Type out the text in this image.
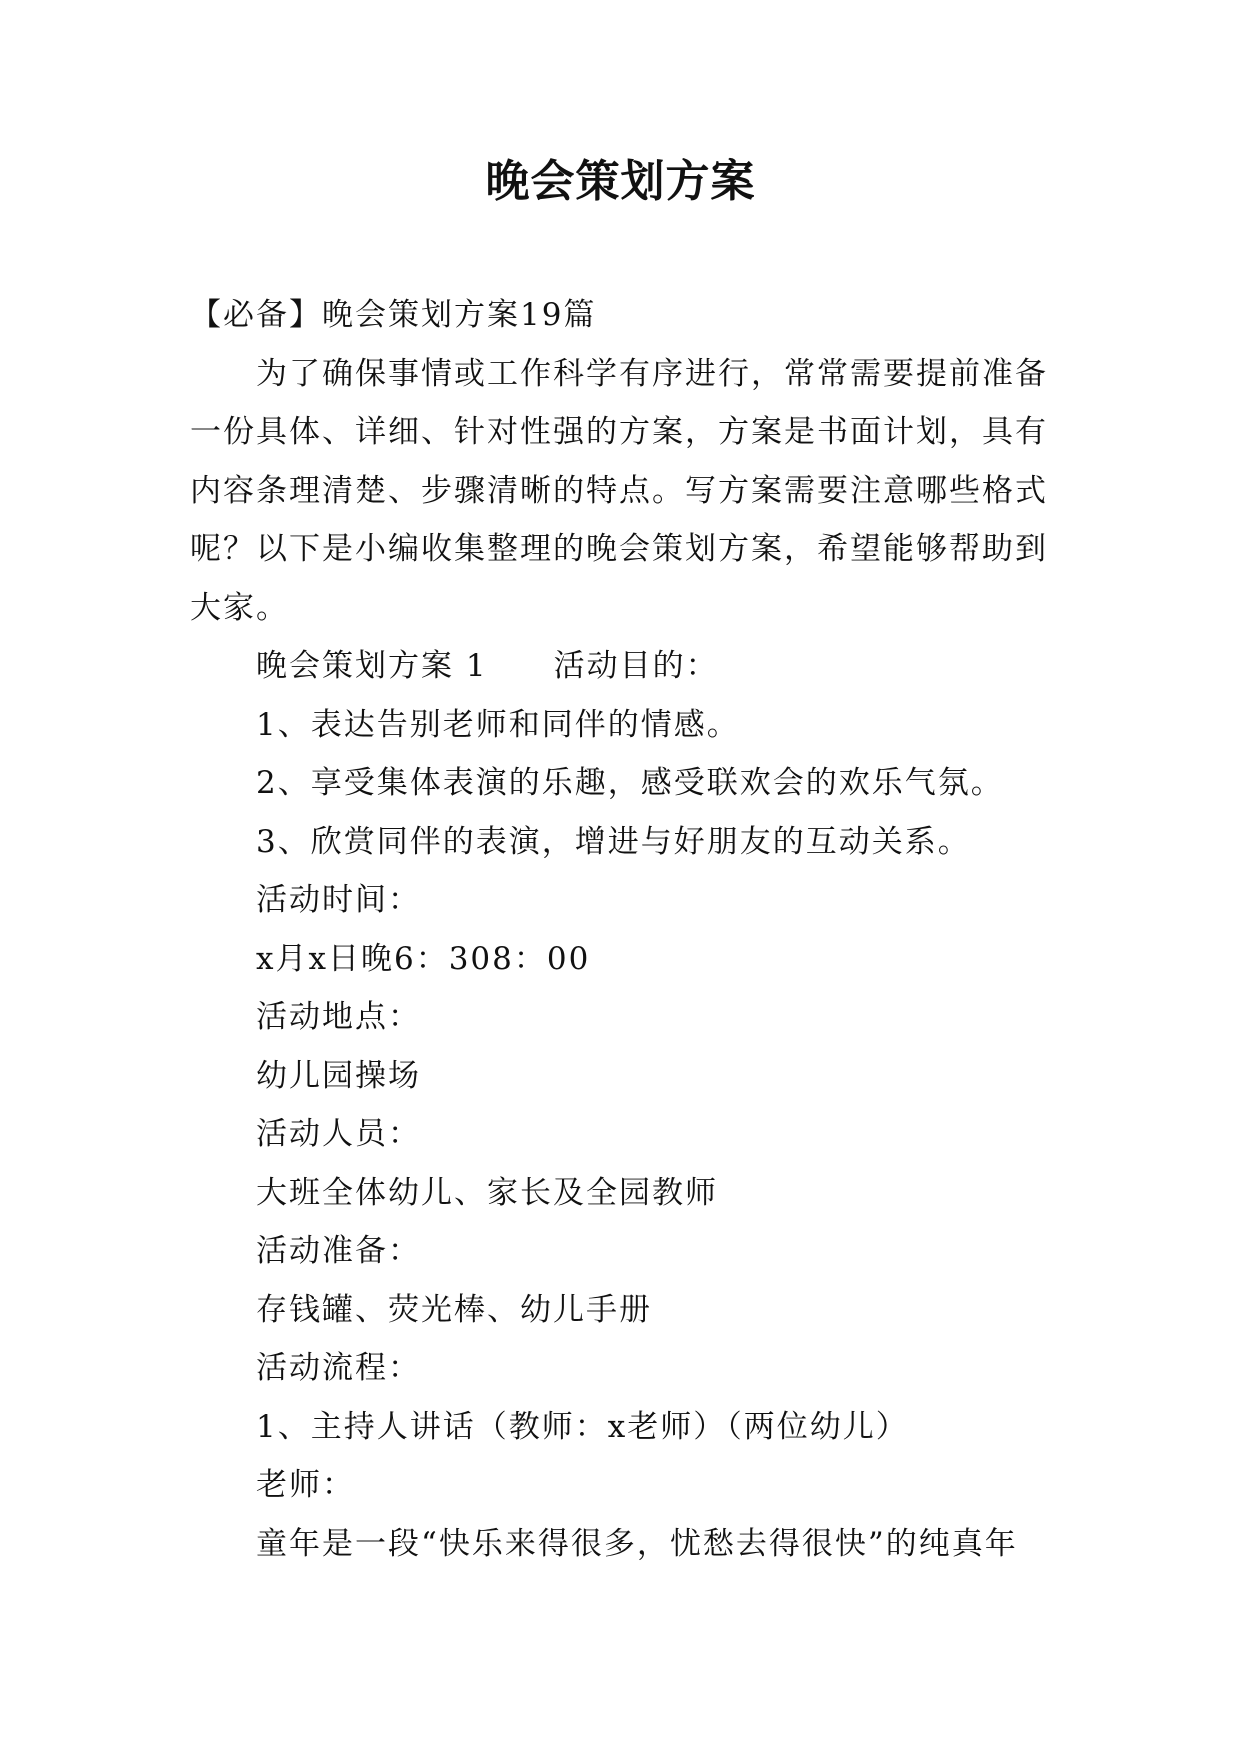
晚会策划方案
【必备】晚会策划方案19篇
为了确保事情或工作科学有序进行，常常需要提前准备
一份具体、详细、针对性强的方案，方案是书面计划，具有
内容条理清楚、步骤清晰的特点。写方案需要注意哪些格式
呢？以下是小编收集整理的晚会策划方案，希望能够帮助到
大家。
晚会策划方案 1 活动目的：
1、表达告别老师和同伴的情感。
2、享受集体表演的乐趣，感受联欢会的欢乐气氛。
3、欣赏同伴的表演，增进与好朋友的互动关系。
活动时间：
x月x日晚6：308：00
活动地点：
幼儿园操场
活动人员：
大班全体幼儿、家长及全园教师
活动准备：
存钱罐、荧光棒、幼儿手册
活动流程：
1、主持人讲话（教师：x老师）（两位幼儿）
老师：
童年是一段“快乐来得很多，忧愁去得很快”的纯真年
